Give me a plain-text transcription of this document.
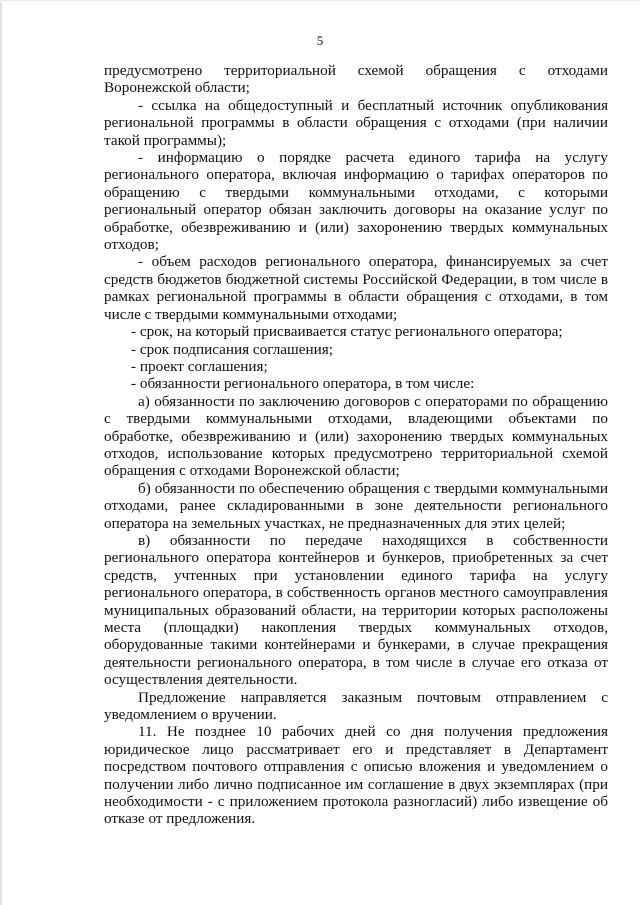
5

предусмотрено территориальной схемой обращения с отходами Воронежской области;

- ссылка на общедоступный и бесплатный источник опубликования региональной программы в области обращения с отходами (при наличии такой программы);

- информацию о порядке расчета единого тарифа на услугу регионального оператора, включая информацию о тарифах операторов по обращению с твердыми коммунальными отходами, с которыми региональный оператор обязан заключить договоры на оказание услуг по обработке, обезвреживанию и (или) захоронению твердых коммунальных отходов;

- объем расходов регионального оператора, финансируемых за счет средств бюджетов бюджетной системы Российской Федерации, в том числе в рамках региональной программы в области обращения с отходами, в том числе с твердыми коммунальными отходами;

- срок, на который присваивается статус регионального оператора;

- срок подписания соглашения;

- проект соглашения;

- обязанности регионального оператора, в том числе:

а) обязанности по заключению договоров с операторами по обращению с твердыми коммунальными отходами, владеющими объектами по обработке, обезвреживанию и (или) захоронению твердых коммунальных отходов, использование которых предусмотрено территориальной схемой обращения с отходами Воронежской области;

б) обязанности по обеспечению обращения с твердыми коммунальными отходами, ранее складированными в зоне деятельности регионального оператора на земельных участках, не предназначенных для этих целей;

в) обязанности по передаче находящихся в собственности регионального оператора контейнеров и бункеров, приобретенных за счет средств, учтенных при установлении единого тарифа на услугу регионального оператора, в собственность органов местного самоуправления муниципальных образований области, на территории которых расположены места (площадки) накопления твердых коммунальных отходов, оборудованные такими контейнерами и бункерами, в случае прекращения деятельности регионального оператора, в том числе в случае его отказа от осуществления деятельности.

Предложение направляется заказным почтовым отправлением с уведомлением о вручении.

11. Не позднее 10 рабочих дней со дня получения предложения юридическое лицо рассматривает его и представляет в Департамент посредством почтового отправления с описью вложения и уведомлением о получении либо лично подписанное им соглашение в двух экземплярах (при необходимости - с приложением протокола разногласий) либо извещение об отказе от предложения.
